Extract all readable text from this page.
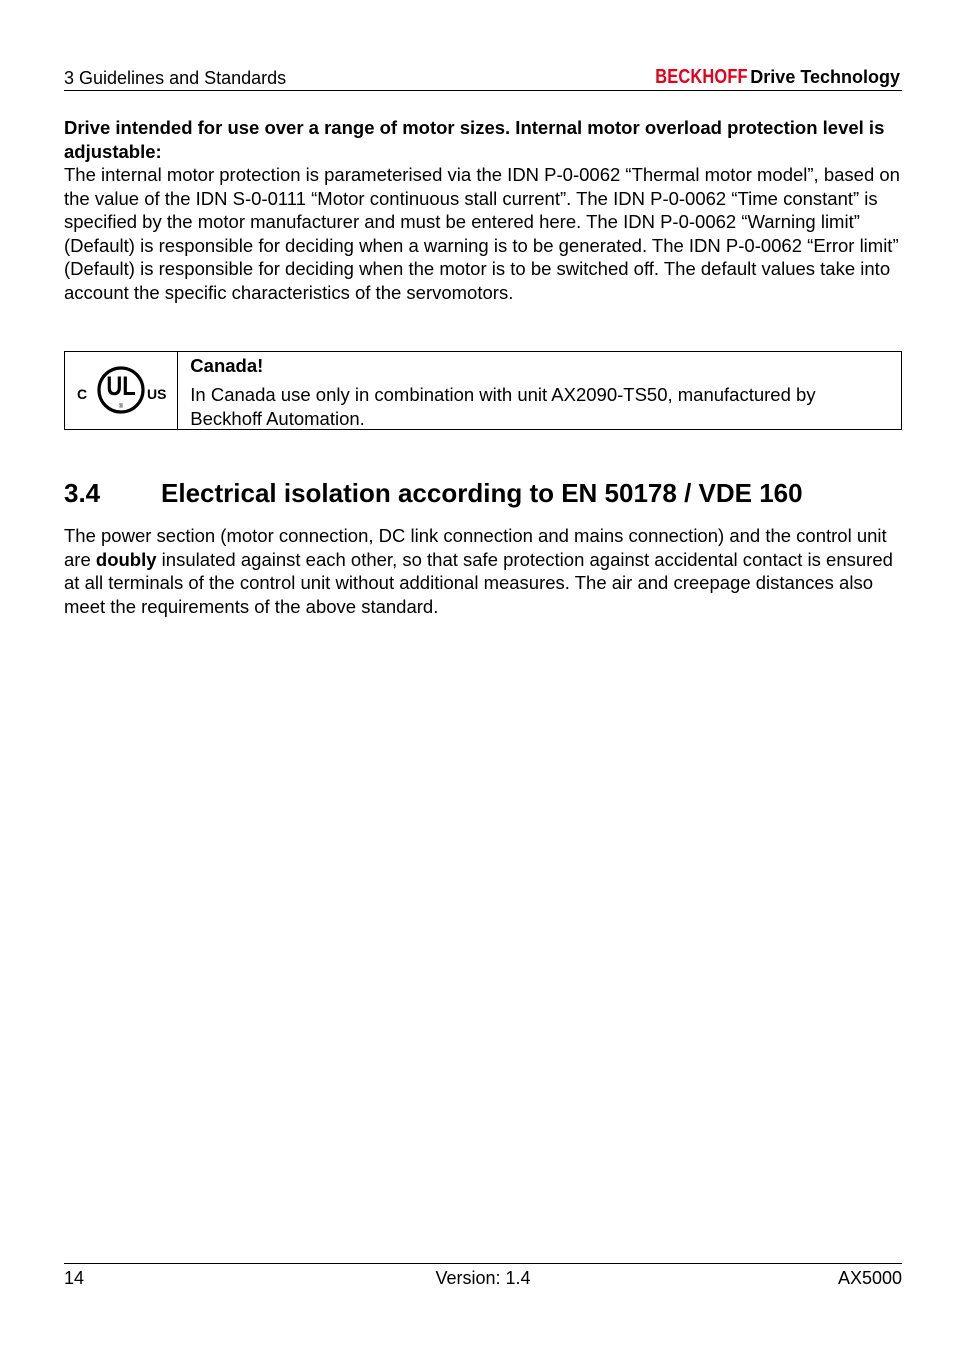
3 Guidelines and Standards	BECKHOFF Drive Technology

Drive intended for use over a range of motor sizes. Internal motor overload protection level is adjustable:

The internal motor protection is parameterised via the IDN P-0-0062 “Thermal motor model”, based on the value of the IDN S-0-0111 “Motor continuous stall current”. The IDN P-0-0062 “Time constant” is specified by the motor manufacturer and must be entered here. The IDN P-0-0062 “Warning limit” (Default) is responsible for deciding when a warning is to be generated. The IDN P-0-0062 “Error limit” (Default) is responsible for deciding when the motor is to be switched off. The default values take into account the specific characteristics of the servomotors.

C UL
®
US

Canada!

In Canada use only in combination with unit AX2090-TS50, manufactured by Beckhoff Automation.

3.4 Electrical isolation according to EN 50178 / VDE 160

The power section (motor connection, DC link connection and mains connection) and the control unit are doubly insulated against each other, so that safe protection against accidental contact is ensured at all terminals of the control unit without additional measures. The air and creepage distances also meet the requirements of the above standard.

14	Version: 1.4	AX5000
